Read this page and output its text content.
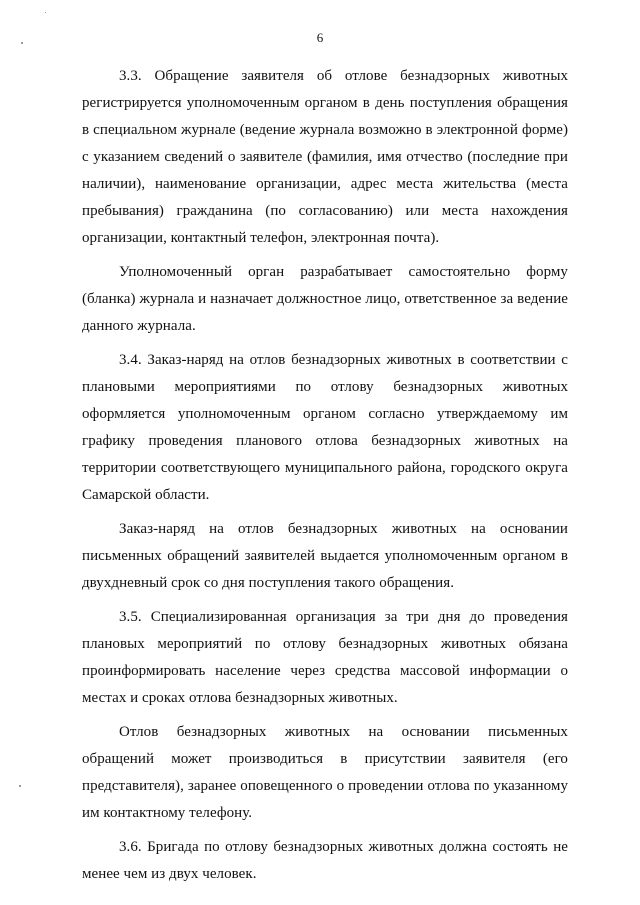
6

3.3. Обращение заявителя об отлове безнадзорных животных регистрируется уполномоченным органом в день поступления обращения в специальном журнале (ведение журнала возможно в электронной форме) с указанием сведений о заявителе (фамилия, имя отчество (последние при наличии), наименование организации, адрес места жительства (места пребывания) гражданина (по согласованию) или места нахождения организации, контактный телефон, электронная почта).

Уполномоченный орган разрабатывает самостоятельно форму (бланка) журнала и назначает должностное лицо, ответственное за ведение данного журнала.

3.4. Заказ-наряд на отлов безнадзорных животных в соответствии с плановыми мероприятиями по отлову безнадзорных животных оформляется уполномоченным органом согласно утверждаемому им графику проведения планового отлова безнадзорных животных на территории соответствующего муниципального района, городского округа Самарской области.

Заказ-наряд на отлов безнадзорных животных на основании письменных обращений заявителей выдается уполномоченным органом в двухдневный срок со дня поступления такого обращения.

3.5. Специализированная организация за три дня до проведения плановых мероприятий по отлову безнадзорных животных обязана проинформировать население через средства массовой информации о местах и сроках отлова безнадзорных животных.

Отлов безнадзорных животных на основании письменных обращений может производиться в присутствии заявителя (его представителя), заранее оповещенного о проведении отлова по указанному им контактному телефону.

3.6. Бригада по отлову безнадзорных животных должна состоять не менее чем из двух человек.
